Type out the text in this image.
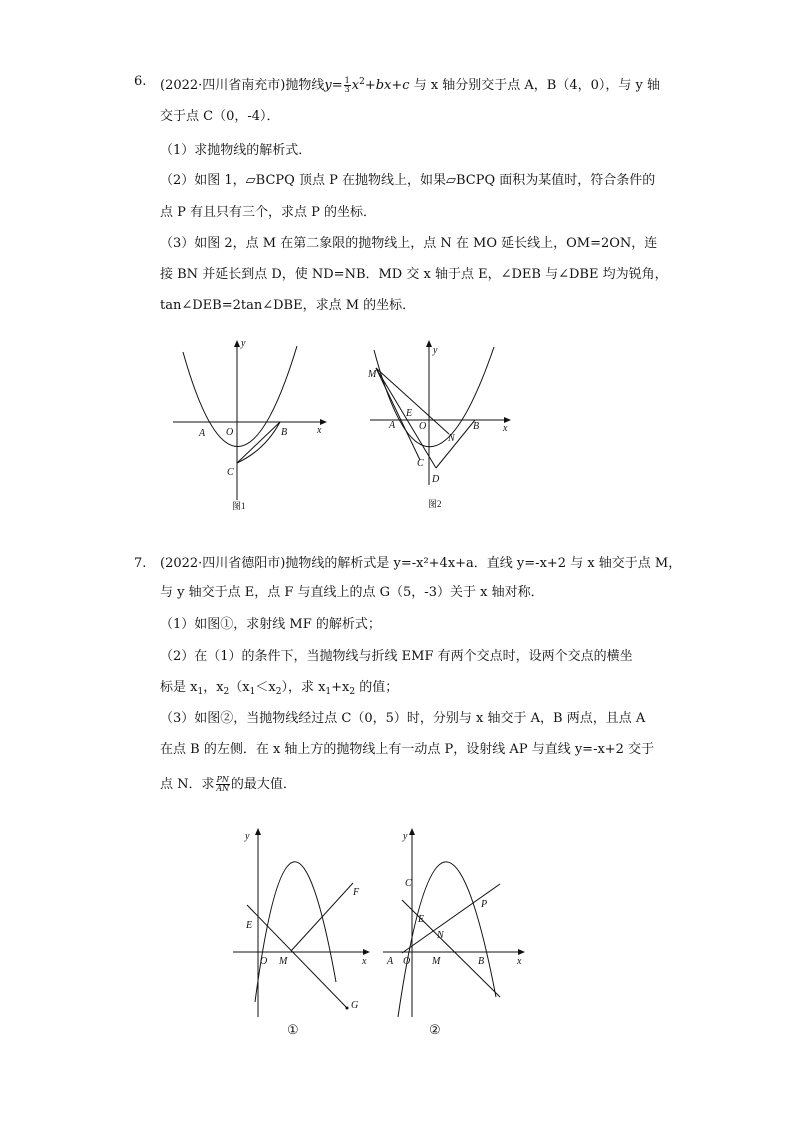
6. (2022·四川省南充市)抛物线$y= \frac{1}{3} x^2+bx+c$ 与 x 轴分别交于点 A，B（4，0），与 y 轴
交于点 C（0，-4）．
（1）求抛物线的解析式．
（2）如图 1，▱BCPQ 顶点 P 在抛物线上，如果▱BCPQ 面积为某值时，符合条件的
点 P 有且只有三个，求点 P 的坐标．
（3）如图 2，点 M 在第二象限的抛物线上，点 N 在 MO 延长线上，OM=2ON，连
接 BN 并延长到点 D，使 ND=NB．MD 交 x 轴于点 E，∠DEB 与∠DBE 均为锐角，
tan∠DEB=2tan∠DBE，求点 M 的坐标．
y
x
A O	B
C
图1
y
x
M
E
A O
N
B
C
D
图2
7. (2022·四川省德阳市)抛物线的解析式是 y=-x²+4x+a．直线 y=-x+2 与 x 轴交于点 M，
与 y 轴交于点 E，点 F 与直线上的点 G（5，-3）关于 x 轴对称．
（1）如图①，求射线 MF 的解析式；
（2）在（1）的条件下，当抛物线与折线 EMF 有两个交点时，设两个交点的横坐
标是 $x_1$，$x_2(x_1<x_2)$，求 $x_1+x_2$ 的值；
（3）如图②，当抛物线经过点 C（0，5）时，分别与 x 轴交于 A，B 两点，且点 A
在点 B 的左侧．在 x 轴上方的抛物线上有一动点 P，设射线 AP 与直线 y=-x+2 交于
点 N．求 $\frac{PN}{AN}$ 的最大值．
y
x
E
O M
F
G
①
y
x
C
E
N
P
A O M	B
②
